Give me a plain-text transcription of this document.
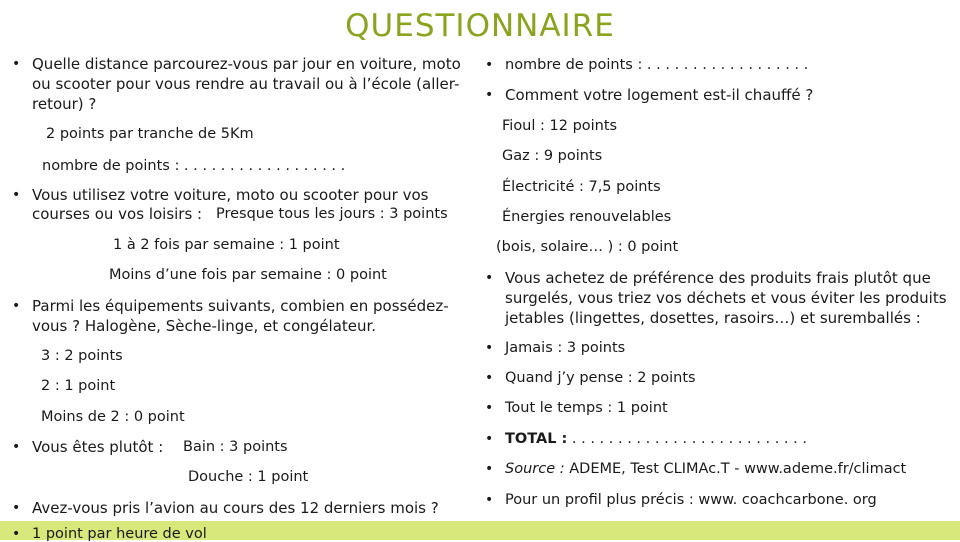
QUESTIONNAIRE
• Quelle distance parcourez-vous par jour en voiture, moto
ou scooter pour vous rendre au travail ou à l’école (aller-
retour) ?
2 points par tranche de 5Km
nombre de points : . . . . . . . . . . . . . . . . . .
• Vous utilisez votre voiture, moto ou scooter pour vos
courses ou vos loisirs : Presque tous les jours : 3 points
1 à 2 fois par semaine : 1 point
Moins d’une fois par semaine : 0 point
• Parmi les équipements suivants, combien en possédez-
vous ? Halogène, Sèche-linge, et congélateur.
3 : 2 points
2 : 1 point
Moins de 2 : 0 point
• Vous êtes plutôt : Bain : 3 points
Douche : 1 point
• Avez-vous pris l’avion au cours des 12 derniers mois ?
• 1 point par heure de vol
• nombre de points : . . . . . . . . . . . . . . . . . .
• Comment votre logement est-il chauffé ?
Fioul : 12 points
Gaz : 9 points
Électricité : 7,5 points
Énergies renouvelables
(bois, solaire… ) : 0 point
• Vous achetez de préférence des produits frais plutôt que
surgelés, vous triez vos déchets et vous éviter les produits
jetables (lingettes, dosettes, rasoirs…) et suremballés :
• Jamais : 3 points
• Quand j’y pense : 2 points
• Tout le temps : 1 point
• TOTAL : . . . . . . . . . . . . . . . . . . . . . . . . . .
• Source : ADEME, Test CLIMAc.T - www.ademe.fr/climact
• Pour un profil plus précis : www. coachcarbone. org
